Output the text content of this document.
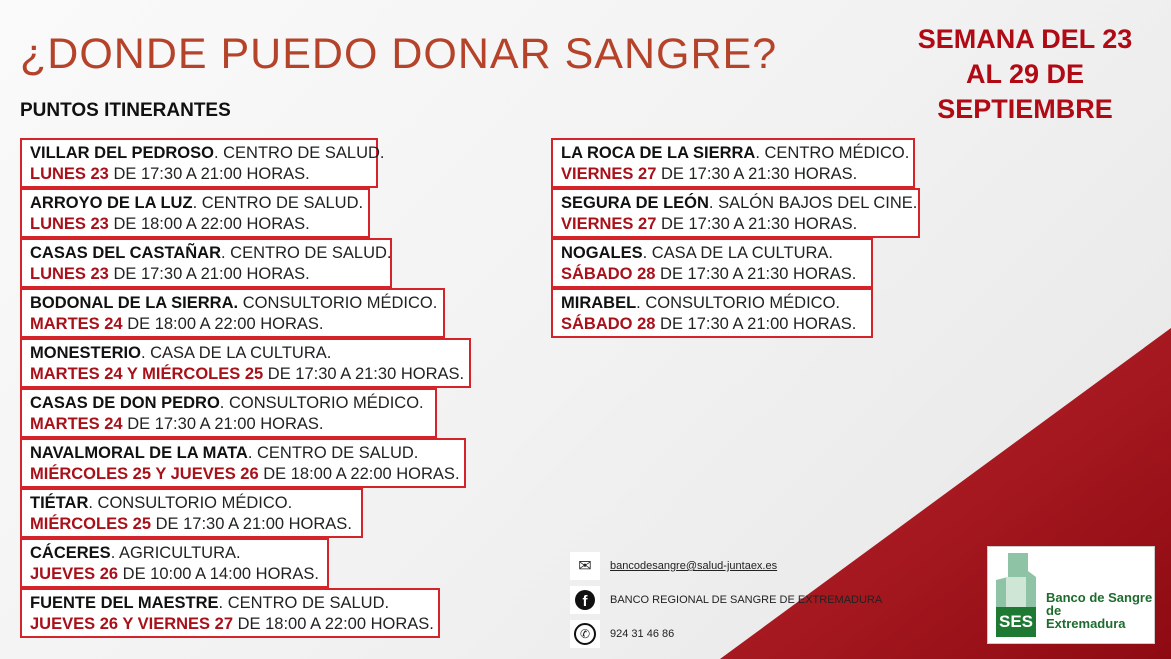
¿DONDE PUEDO DONAR SANGRE?
PUNTOS ITINERANTES
SEMANA DEL 23
AL 29 DE
SEPTIEMBRE
VILLAR DEL PEDROSO. CENTRO DE SALUD.
LUNES 23 DE 17:30 A 21:00 HORAS.
ARROYO DE LA LUZ. CENTRO DE SALUD.
LUNES 23 DE 18:00 A 22:00 HORAS.
CASAS DEL CASTAÑAR. CENTRO DE SALUD.
LUNES 23 DE 17:30 A 21:00 HORAS.
BODONAL DE LA SIERRA. CONSULTORIO MÉDICO.
MARTES 24 DE 18:00 A 22:00 HORAS.
MONESTERIO. CASA DE LA CULTURA.
MARTES 24 Y MIÉRCOLES 25 DE 17:30 A 21:30 HORAS.
CASAS DE DON PEDRO. CONSULTORIO MÉDICO.
MARTES 24 DE 17:30 A 21:00 HORAS.
NAVALMORAL DE LA MATA. CENTRO DE SALUD.
MIÉRCOLES 25 Y JUEVES 26 DE 18:00 A 22:00 HORAS.
TIÉTAR. CONSULTORIO MÉDICO.
MIÉRCOLES 25 DE 17:30 A 21:00 HORAS.
CÁCERES. AGRICULTURA.
JUEVES 26 DE 10:00 A 14:00 HORAS.
FUENTE DEL MAESTRE. CENTRO DE SALUD.
JUEVES 26 Y VIERNES 27 DE 18:00 A 22:00 HORAS.
LA ROCA DE LA SIERRA. CENTRO MÉDICO.
VIERNES 27 DE 17:30 A 21:30 HORAS.
SEGURA DE LEÓN. SALÓN BAJOS DEL CINE.
VIERNES 27 DE 17:30 A 21:30 HORAS.
NOGALES. CASA DE LA CULTURA.
SÁBADO 28 DE 17:30 A 21:30 HORAS.
MIRABEL. CONSULTORIO MÉDICO.
SÁBADO 28 DE 17:30 A 21:00 HORAS.
✉	bancodesangre@salud-juntaex.es
f	BANCO REGIONAL DE SANGRE DE EXTREMADURA
✆	924 31 46 86
SES
Banco de Sangre
de
Extremadura
